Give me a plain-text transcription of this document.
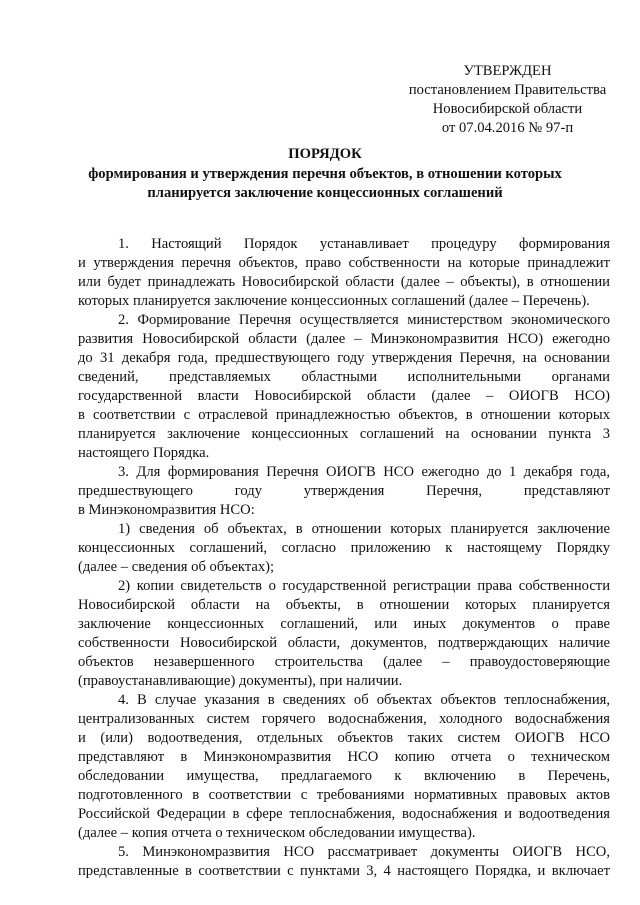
УТВЕРЖДЕН
постановлением Правительства
Новосибирской области
от 07.04.2016 № 97-п
ПОРЯДОК
формирования и утверждения перечня объектов, в отношении которых
планируется заключение концессионных соглашений
1. Настоящий Порядок устанавливает процедуру формирования
и утверждения перечня объектов, право собственности на которые принадлежит
или будет принадлежать Новосибирской области (далее – объекты), в отношении
которых планируется заключение концессионных соглашений (далее – Перечень).
2. Формирование Перечня осуществляется министерством экономического
развития Новосибирской области (далее – Минэкономразвития НСО) ежегодно
до 31 декабря года, предшествующего году утверждения Перечня, на основании
сведений, представляемых областными исполнительными органами
государственной власти Новосибирской области (далее – ОИОГВ НСО)
в соответствии с отраслевой принадлежностью объектов, в отношении которых
планируется заключение концессионных соглашений на основании пункта 3
настоящего Порядка.
3. Для формирования Перечня ОИОГВ НСО ежегодно до 1 декабря года,
предшествующего году утверждения Перечня, представляют
в Минэкономразвития НСО:
1) сведения об объектах, в отношении которых планируется заключение
концессионных соглашений, согласно приложению к настоящему Порядку
(далее – сведения об объектах);
2) копии свидетельств о государственной регистрации права собственности
Новосибирской области на объекты, в отношении которых планируется
заключение концессионных соглашений, или иных документов о праве
собственности Новосибирской области, документов, подтверждающих наличие
объектов незавершенного строительства (далее – правоудостоверяющие
(правоустанавливающие) документы), при наличии.
4. В случае указания в сведениях об объектах объектов теплоснабжения,
централизованных систем горячего водоснабжения, холодного водоснабжения
и (или) водоотведения, отдельных объектов таких систем ОИОГВ НСО
представляют в Минэкономразвития НСО копию отчета о техническом
обследовании имущества, предлагаемого к включению в Перечень,
подготовленного в соответствии с требованиями нормативных правовых актов
Российской Федерации в сфере теплоснабжения, водоснабжения и водоотведения
(далее – копия отчета о техническом обследовании имущества).
5. Минэкономразвития НСО рассматривает документы ОИОГВ НСО,
представленные в соответствии с пунктами 3, 4 настоящего Порядка, и включает
